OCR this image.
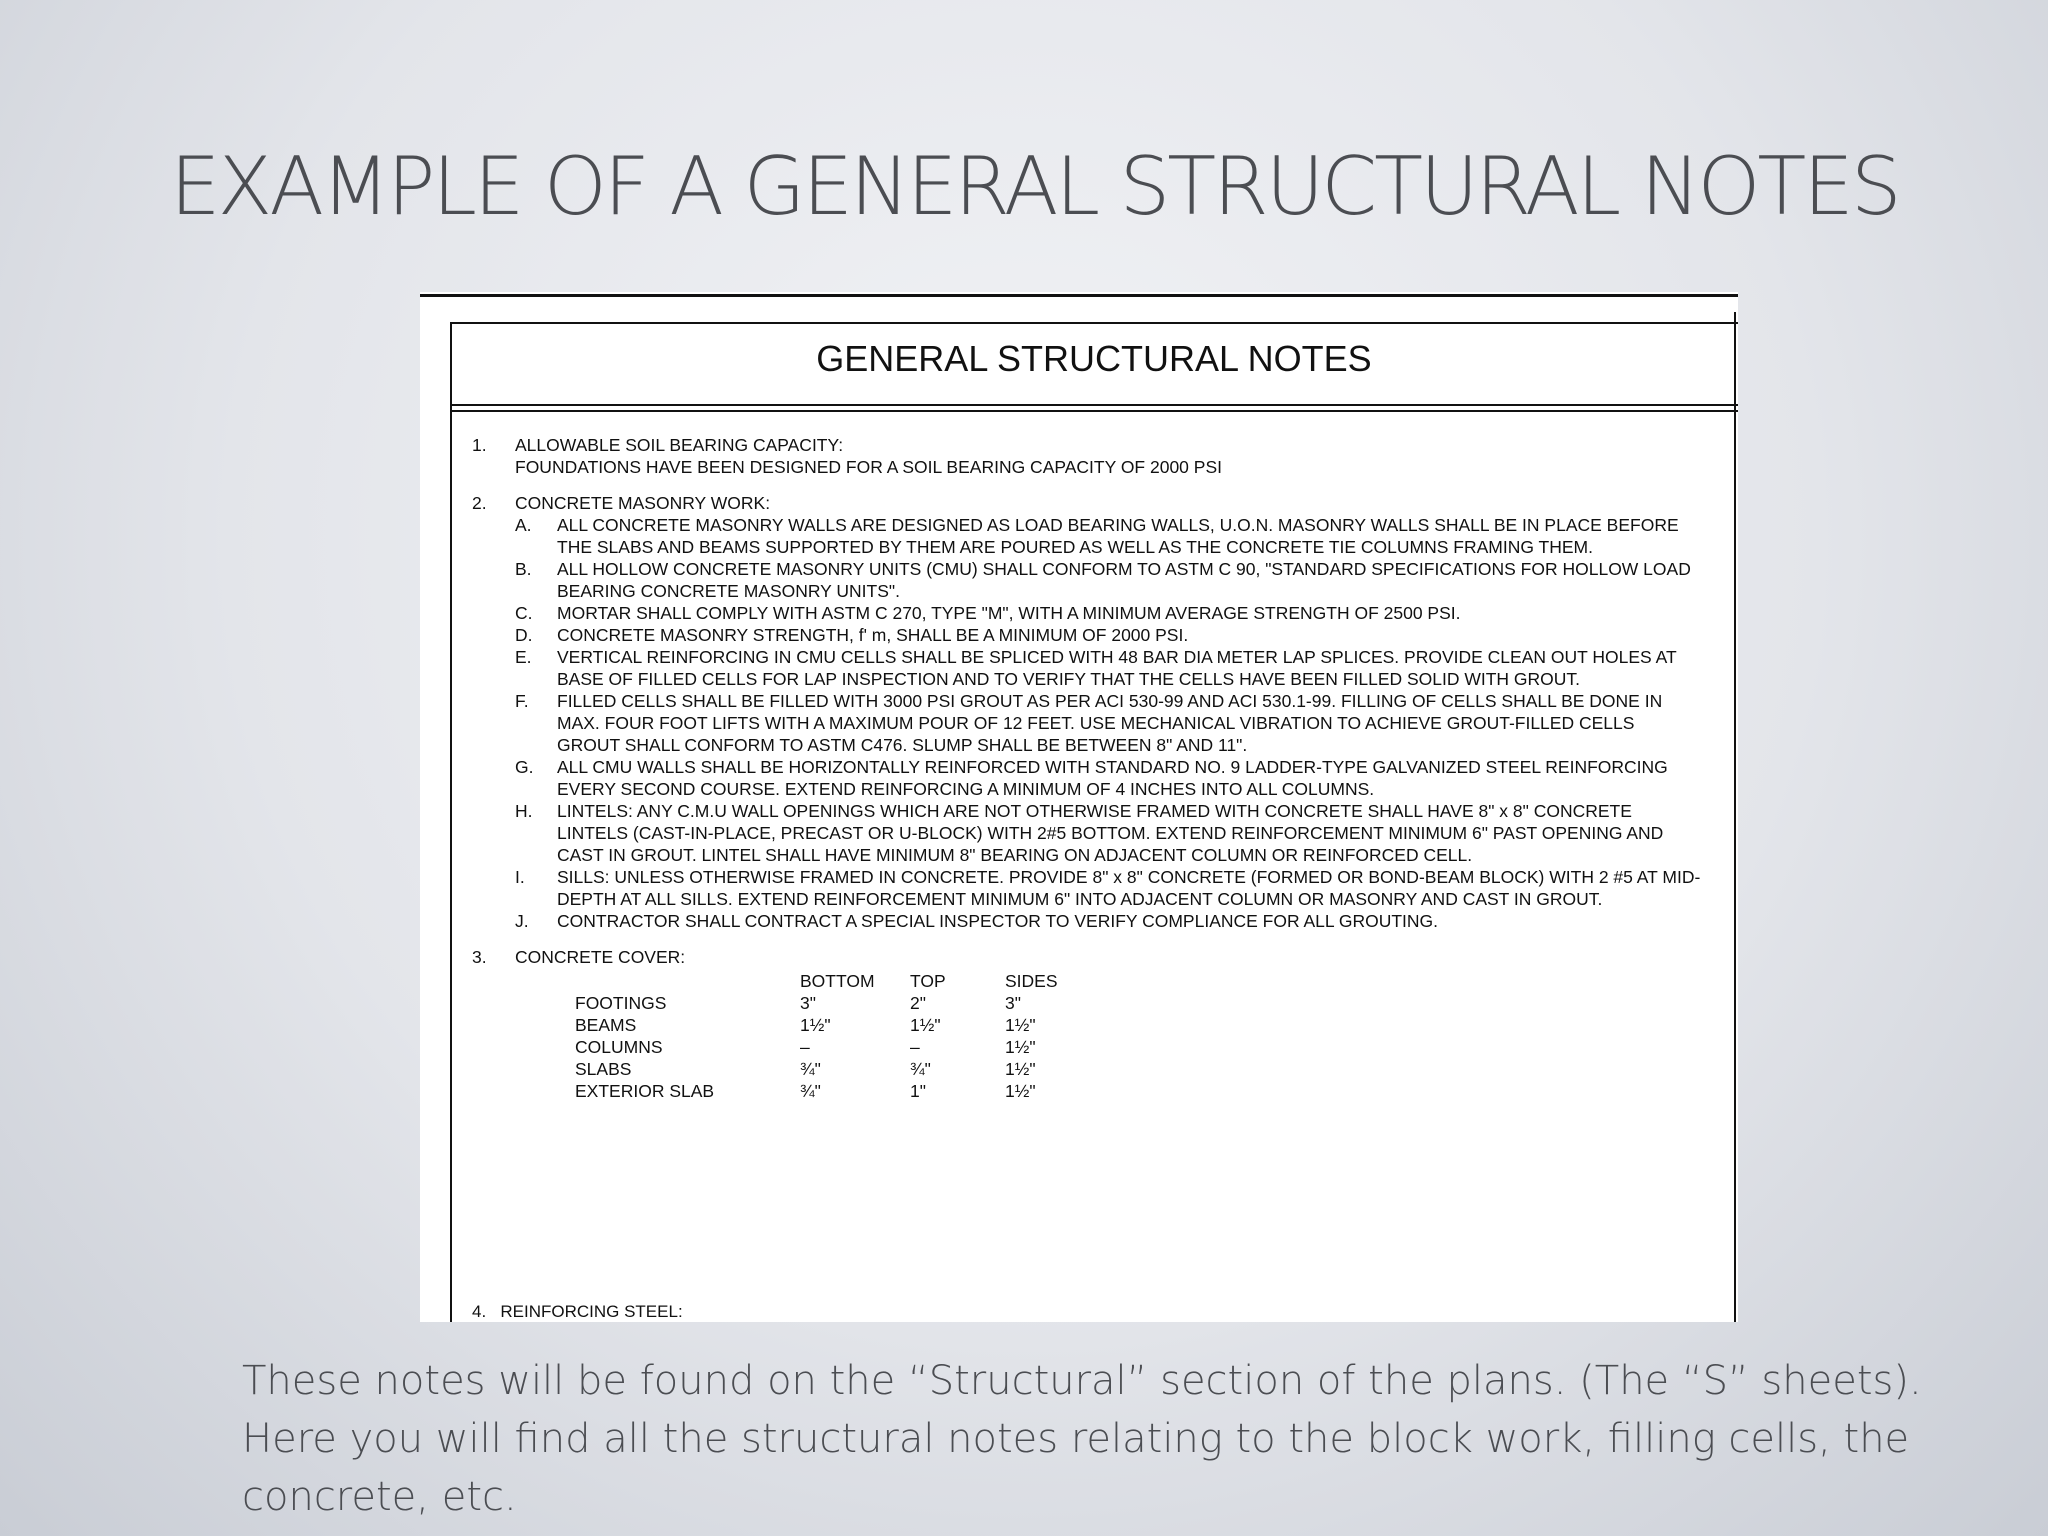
EXAMPLE OF A GENERAL STRUCTURAL NOTES
GENERAL STRUCTURAL NOTES
1. ALLOWABLE SOIL BEARING CAPACITY:
FOUNDATIONS HAVE BEEN DESIGNED FOR A SOIL BEARING CAPACITY OF 2000 PSI
2. CONCRETE MASONRY WORK:
A. ALL CONCRETE MASONRY WALLS ARE DESIGNED AS LOAD BEARING WALLS, U.O.N. MASONRY WALLS SHALL BE IN PLACE BEFORE THE SLABS AND BEAMS SUPPORTED BY THEM ARE POURED AS WELL AS THE CONCRETE TIE COLUMNS FRAMING THEM.
B. ALL HOLLOW CONCRETE MASONRY UNITS (CMU) SHALL CONFORM TO ASTM C 90, "STANDARD SPECIFICATIONS FOR HOLLOW LOAD BEARING CONCRETE MASONRY UNITS".
C. MORTAR SHALL COMPLY WITH ASTM C 270, TYPE "M", WITH A MINIMUM AVERAGE STRENGTH OF 2500 PSI.
D. CONCRETE MASONRY STRENGTH, f' m, SHALL BE A MINIMUM OF 2000 PSI.
E. VERTICAL REINFORCING IN CMU CELLS SHALL BE SPLICED WITH 48 BAR DIA METER LAP SPLICES. PROVIDE CLEAN OUT HOLES AT BASE OF FILLED CELLS FOR LAP INSPECTION AND TO VERIFY THAT THE CELLS HAVE BEEN FILLED SOLID WITH GROUT.
F. FILLED CELLS SHALL BE FILLED WITH 3000 PSI GROUT AS PER ACI 530-99 AND ACI 530.1-99. FILLING OF CELLS SHALL BE DONE IN MAX. FOUR FOOT LIFTS WITH A MAXIMUM POUR OF 12 FEET. USE MECHANICAL VIBRATION TO ACHIEVE GROUT-FILLED CELLS GROUT SHALL CONFORM TO ASTM C476. SLUMP SHALL BE BETWEEN 8" AND 11".
G. ALL CMU WALLS SHALL BE HORIZONTALLY REINFORCED WITH STANDARD NO. 9 LADDER-TYPE GALVANIZED STEEL REINFORCING EVERY SECOND COURSE. EXTEND REINFORCING A MINIMUM OF 4 INCHES INTO ALL COLUMNS.
H. LINTELS: ANY C.M.U WALL OPENINGS WHICH ARE NOT OTHERWISE FRAMED WITH CONCRETE SHALL HAVE 8" x 8" CONCRETE LINTELS (CAST-IN-PLACE, PRECAST OR U-BLOCK) WITH 2#5 BOTTOM. EXTEND REINFORCEMENT MINIMUM 6" PAST OPENING AND CAST IN GROUT. LINTEL SHALL HAVE MINIMUM 8" BEARING ON ADJACENT COLUMN OR REINFORCED CELL.
I. SILLS: UNLESS OTHERWISE FRAMED IN CONCRETE. PROVIDE 8" x 8" CONCRETE (FORMED OR BOND-BEAM BLOCK) WITH 2 #5 AT MID-DEPTH AT ALL SILLS. EXTEND REINFORCEMENT MINIMUM 6" INTO ADJACENT COLUMN OR MASONRY AND CAST IN GROUT.
J. CONTRACTOR SHALL CONTRACT A SPECIAL INSPECTOR TO VERIFY COMPLIANCE FOR ALL GROUTING.
3. CONCRETE COVER:
	BOTTOM	TOP	SIDES
FOOTINGS	3"	2"	3"
BEAMS	1½"	1½"	1½"
COLUMNS	–	–	1½"
SLABS	¾"	¾"	1½"
EXTERIOR SLAB	¾"	1"	1½"
4. REINFORCING STEEL:
These notes will be found on the “Structural” section of the plans. (The “S” sheets). Here you will find all the structural notes relating to the block work, filling cells, the concrete, etc.
